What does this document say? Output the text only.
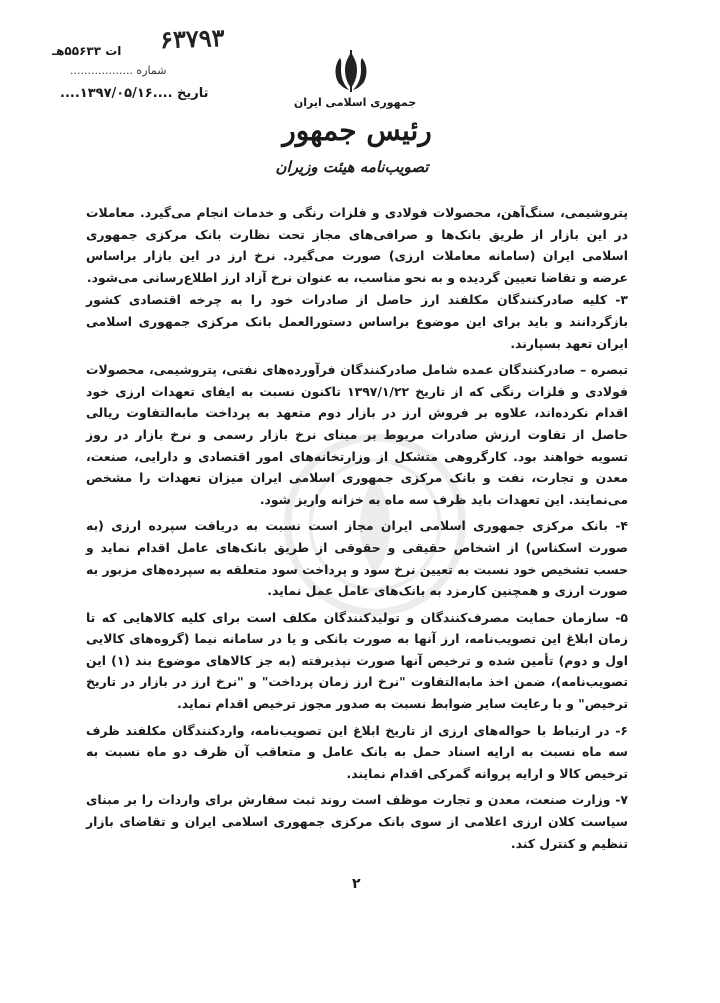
۶۳۷۹۳
ات ۵۵۶۳۳هـ
شماره ..................
تاریخ ....۱۳۹۷/۰۵/۱۶....
جمهوری اسلامی ایران
رئیس جمهور
تصویب‌نامه هیئت وزیران

پتروشیمی، سنگ‌آهن، محصولات فولادی و فلزات رنگی و خدمات انجام می‌گیرد. معاملات در این بازار از طریق بانک‌ها و صرافی‌های مجاز تحت نظارت بانک مرکزی جمهوری اسلامی ایران (سامانه معاملات ارزی) صورت می‌گیرد. نرخ ارز در این بازار براساس عرضه و تقاضا تعیین گردیده و به نحو مناسب، به عنوان نرخ آزاد ارز اطلاع‌رسانی می‌شود.

۳- کلیه صادرکنندگان مکلفند ارز حاصل از صادرات خود را به چرخه اقتصادی کشور بازگردانند و باید برای این موضوع براساس دستورالعمل بانک مرکزی جمهوری اسلامی ایران تعهد بسپارند.

تبصره – صادرکنندگان عمده شامل صادرکنندگان فرآورده‌های نفتی، پتروشیمی، محصولات فولادی و فلزات رنگی که از تاریخ ۱۳۹۷/۱/۲۲ تاکنون نسبت به ایفای تعهدات ارزی خود اقدام نکرده‌اند، علاوه بر فروش ارز در بازار دوم متعهد به پرداخت مابه‌التفاوت ریالی حاصل از تفاوت ارزش صادرات مربوط بر مبنای نرخ بازار رسمی و نرخ بازار در روز تسویه خواهند بود. کارگروهی متشکل از وزارتخانه‌های امور اقتصادی و دارایی، صنعت، معدن و تجارت، نفت و بانک مرکزی جمهوری اسلامی ایران میزان تعهدات را مشخص می‌نمایند. این تعهدات باید ظرف سه ماه به خزانه واریز شود.

۴- بانک مرکزی جمهوری اسلامی ایران مجاز است نسبت به دریافت سپرده ارزی (به صورت اسکناس) از اشخاص حقیقی و حقوقی از طریق بانک‌های عامل اقدام نماید و حسب تشخیص خود نسبت به تعیین نرخ سود و پرداخت سود متعلقه به سپرده‌های مزبور به صورت ارزی و همچنین کارمزد به بانک‌های عامل عمل نماید.

۵- سازمان حمایت مصرف‌کنندگان و تولیدکنندگان مکلف است برای کلیه کالاهایی که تا زمان ابلاغ این تصویب‌نامه، ارز آنها به صورت بانکی و یا در سامانه نیما (گروه‌های کالایی اول و دوم) تأمین شده و ترخیص آنها صورت نپذیرفته (به جز کالاهای موضوع بند (۱) این تصویب‌نامه)، ضمن اخذ مابه‌التفاوت "نرخ ارز زمان پرداخت" و "نرخ ارز در بازار در تاریخ ترخیص" و با رعایت سایر ضوابط نسبت به صدور مجوز ترخیص اقدام نماید.

۶- در ارتباط با حواله‌های ارزی از تاریخ ابلاغ این تصویب‌نامه، واردکنندگان مکلفند ظرف سه ماه نسبت به ارایه اسناد حمل به بانک عامل و متعاقب آن ظرف دو ماه نسبت به ترخیص کالا و ارایه پروانه گمرکی اقدام نمایند.

۷- وزارت صنعت، معدن و تجارت موظف است روند ثبت سفارش برای واردات را بر مبنای سیاست کلان ارزی اعلامی از سوی بانک مرکزی جمهوری اسلامی ایران و تقاضای بازار تنظیم و کنترل کند.

۲
